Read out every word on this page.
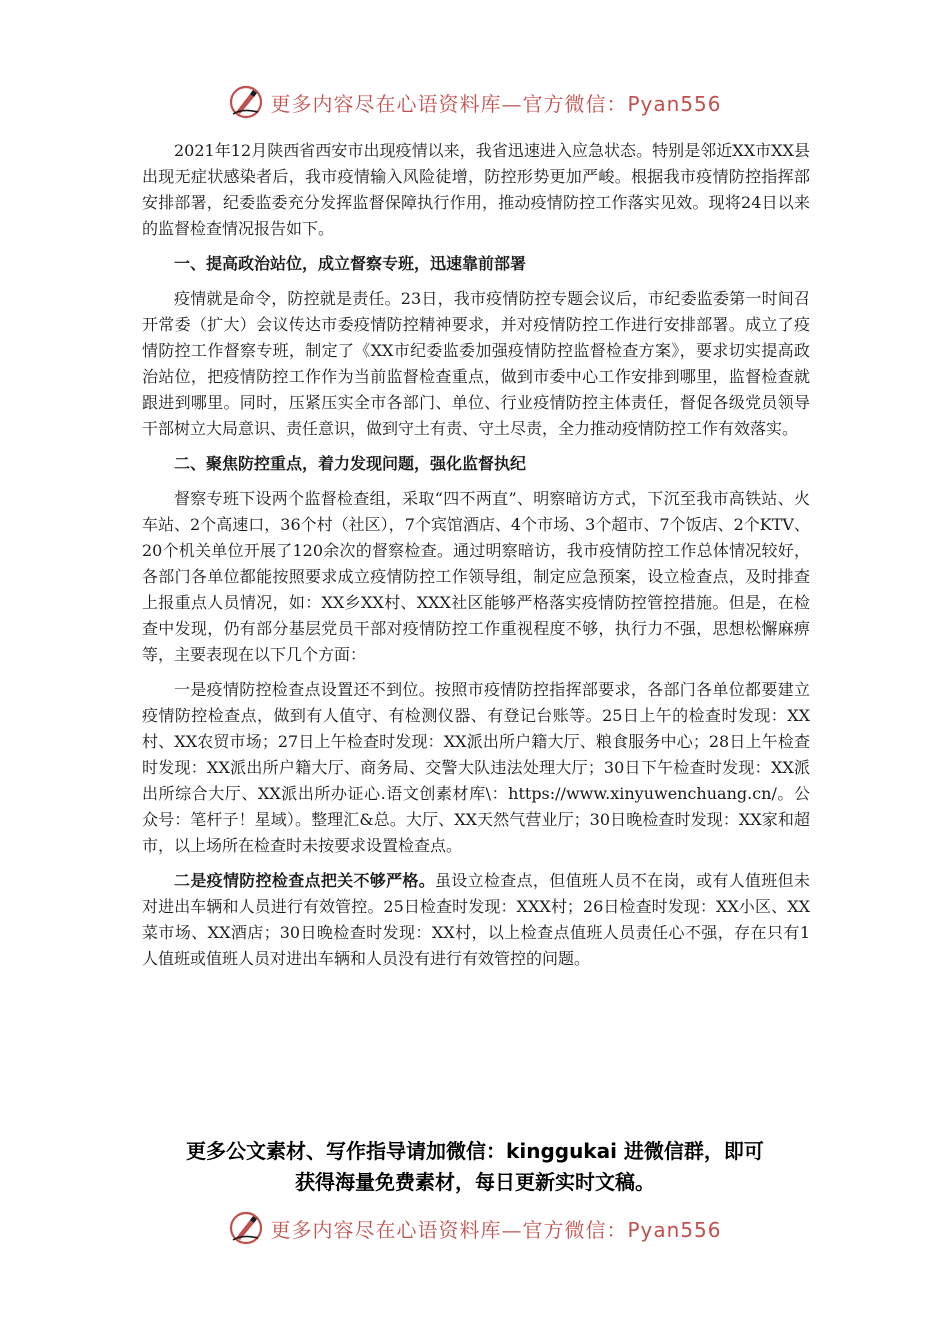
更多内容尽在心语资料库—官方微信：Pyan556

2021年12月陕西省西安市出现疫情以来，我省迅速进入应急状态。特别是邻近XX市XX县出现无症状感染者后，我市疫情输入风险徒增，防控形势更加严峻。根据我市疫情防控指挥部安排部署，纪委监委充分发挥监督保障执行作用，推动疫情防控工作落实见效。现将24日以来的监督检查情况报告如下。

一、提高政治站位，成立督察专班，迅速靠前部署

疫情就是命令，防控就是责任。23日，我市疫情防控专题会议后，市纪委监委第一时间召开常委（扩大）会议传达市委疫情防控精神要求，并对疫情防控工作进行安排部署。成立了疫情防控工作督察专班，制定了《XX市纪委监委加强疫情防控监督检查方案》，要求切实提高政治站位，把疫情防控工作作为当前监督检查重点，做到市委中心工作安排到哪里，监督检查就跟进到哪里。同时，压紧压实全市各部门、单位、行业疫情防控主体责任，督促各级党员领导干部树立大局意识、责任意识，做到守土有责、守土尽责，全力推动疫情防控工作有效落实。

二、聚焦防控重点，着力发现问题，强化监督执纪

督察专班下设两个监督检查组，采取“四不两直”、明察暗访方式，下沉至我市高铁站、火车站、2个高速口，36个村（社区），7个宾馆酒店、4个市场、3个超市、7个饭店、2个KTV、20个机关单位开展了120余次的督察检查。通过明察暗访，我市疫情防控工作总体情况较好，各部门各单位都能按照要求成立疫情防控工作领导组，制定应急预案，设立检查点，及时排查上报重点人员情况，如：XX乡XX村、XXX社区能够严格落实疫情防控管控措施。但是，在检查中发现，仍有部分基层党员干部对疫情防控工作重视程度不够，执行力不强，思想松懈麻痹等，主要表现在以下几个方面：

一是疫情防控检查点设置还不到位。按照市疫情防控指挥部要求，各部门各单位都要建立疫情防控检查点，做到有人值守、有检测仪器、有登记台账等。25日上午的检查时发现：XX村、XX农贸市场；27日上午检查时发现：XX派出所户籍大厅、粮食服务中心；28日上午检查时发现：XX派出所户籍大厅、商务局、交警大队违法处理大厅；30日下午检查时发现：XX派出所综合大厅、XX派出所办证心.语文创素材库\：https://www.xinyuwenchuang.cn/。公众号：笔杆子！星域）。整理汇&总。大厅、XX天然气营业厅；30日晚检查时发现：XX家和超市，以上场所在检查时未按要求设置检查点。

二是疫情防控检查点把关不够严格。虽设立检查点，但值班人员不在岗，或有人值班但未对进出车辆和人员进行有效管控。25日检查时发现：XXX村；26日检查时发现：XX小区、XX菜市场、XX酒店；30日晚检查时发现：XX村，以上检查点值班人员责任心不强，存在只有1人值班或值班人员对进出车辆和人员没有进行有效管控的问题。

更多公文素材、写作指导请加微信：kinggukai 进微信群，即可
获得海量免费素材，每日更新实时文稿。
更多内容尽在心语资料库—官方微信：Pyan556
